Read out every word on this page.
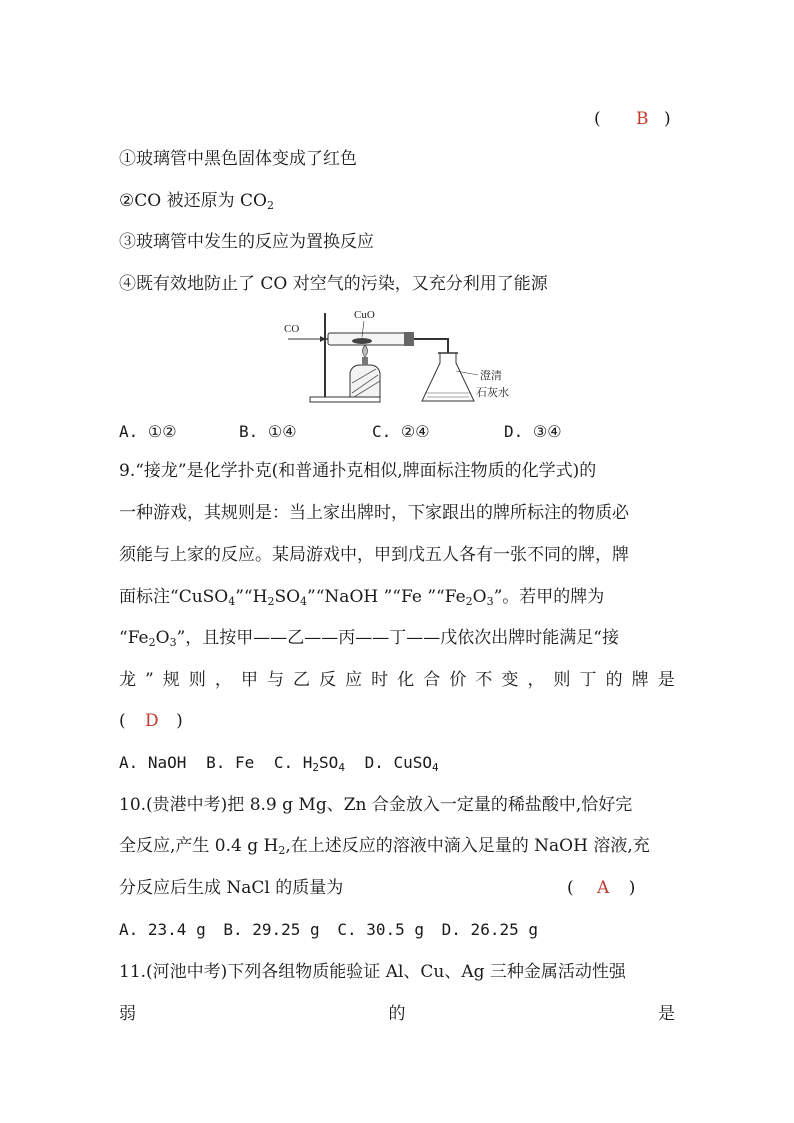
( B )
①玻璃管中黑色固体变成了红色
②CO 被还原为 $CO_2$
③玻璃管中发生的反应为置换反应
④既有效地防止了 CO 对空气的污染，又充分利用了能源
CO
CuO
澄清
石灰水
A. ①②	B. ①④	C. ②④	D. ③④
9.“接龙”是化学扑克(和普通扑克相似,牌面标注物质的化学式)的
一种游戏，其规则是：当上家出牌时，下家跟出的牌所标注的物质必
须能与上家的反应。某局游戏中，甲到戊五人各有一张不同的牌，牌
面标注“$CuSO_4”“H_2SO_4”“NaOH$ ”“Fe $”“Fe_2O_3$”。若甲的牌为
“$Fe_2O_3$”，且按甲——乙——丙——丁——戊依次出牌时能满足“接
龙 ” 规 则 ， 甲 与 乙 反 应 时 化 合 价 不 变 ， 则 丁 的 牌 是
( D )
A. NaOH B. Fe C. $H_2SO_4$ D. CuSO$_4$
10.(贵港中考)把 8.9 g Mg、Zn 合金放入一定量的稀盐酸中,恰好完
全反应,产生 0.4 g $H_2$,在上述反应的溶液中滴入足量的 NaOH 溶液,充
分反应后生成 NaCl 的质量为	( A )
A. 23.4 g B. 29.25 g C. 30.5 g D. 26.25 g
11.(河池中考)下列各组物质能验证 Al、Cu、Ag 三种金属活动性强
弱	的	是
